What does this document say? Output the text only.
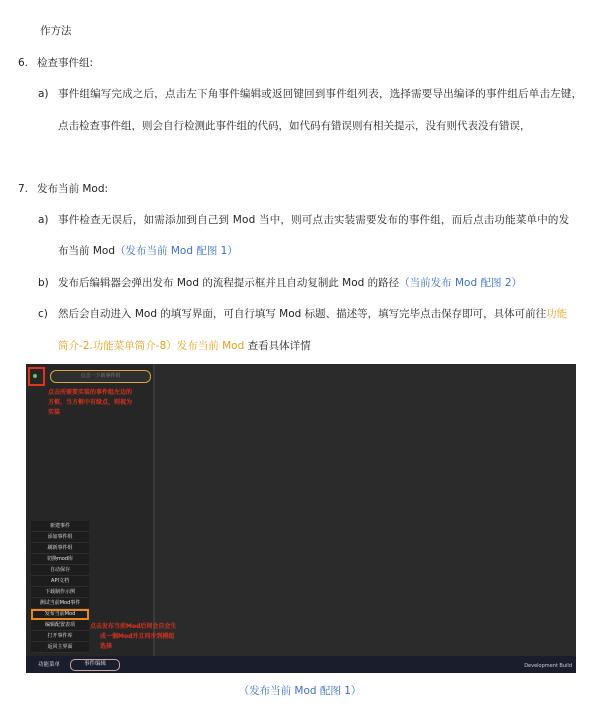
作方法
6. 检查事件组:
a) 事件组编写完成之后，点击左下角事件编辑或返回键回到事件组列表，选择需要导出编译的事件组后单击左键，
点击检查事件组，则会自行检测此事件组的代码，如代码有错误则有相关提示，没有则代表没有错误，
7. 发布当前 Mod:
a) 事件检查无误后，如需添加到自己到 Mod 当中，则可点击实装需要发布的事件组，而后点击功能菜单中的发
布当前 Mod（发布当前 Mod 配图 1）
b) 发布后编辑器会弹出发布 Mod 的流程提示框并且自动复制此 Mod 的路径（当前发布 Mod 配图 2）
c) 然后会自动进入 Mod 的填写界面，可自行填写 Mod 标题、描述等，填写完毕点击保存即可，具体可前往功能
简介-2.功能菜单简介-8）发布当前 Mod 查看具体详情
点击一下新事件组
点击所需要实装的事件组左边的
方框，当方框中有绿点，则视为
实装
新建事件
添加事件组
刷新事件组
切换mod库
自动保存
API文档
下载制作示例
测试当前Mod事件
发布当前Mod
编辑配置表项
打开事件库
返回主界面
点击发布当前Mod后则会自会生
成一個Mod并且同步到模组
选择
功能菜单	事件编辑	Development Build
（发布当前 Mod 配图 1）
